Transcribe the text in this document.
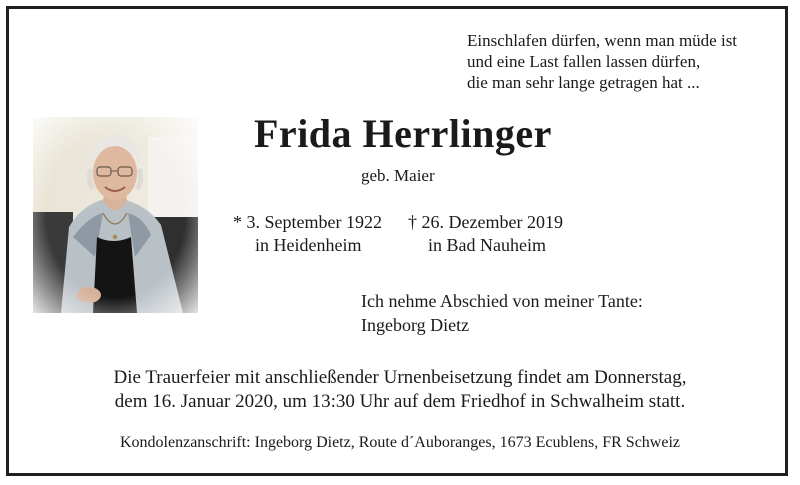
Einschlafen dürfen, wenn man müde ist
und eine Last fallen lassen dürfen,
die man sehr lange getragen hat ...
Frida Herrlinger
geb. Maier
* 3. September 1922
in Heidenheim
† 26. Dezember 2019
in Bad Nauheim
Ich nehme Abschied von meiner Tante:
Ingeborg Dietz
Die Trauerfeier mit anschließender Urnenbeisetzung findet am Donnerstag,
dem 16. Januar 2020, um 13:30 Uhr auf dem Friedhof in Schwalheim statt.
Kondolenzanschrift: Ingeborg Dietz, Route d´Auboranges, 1673 Ecublens, FR Schweiz
